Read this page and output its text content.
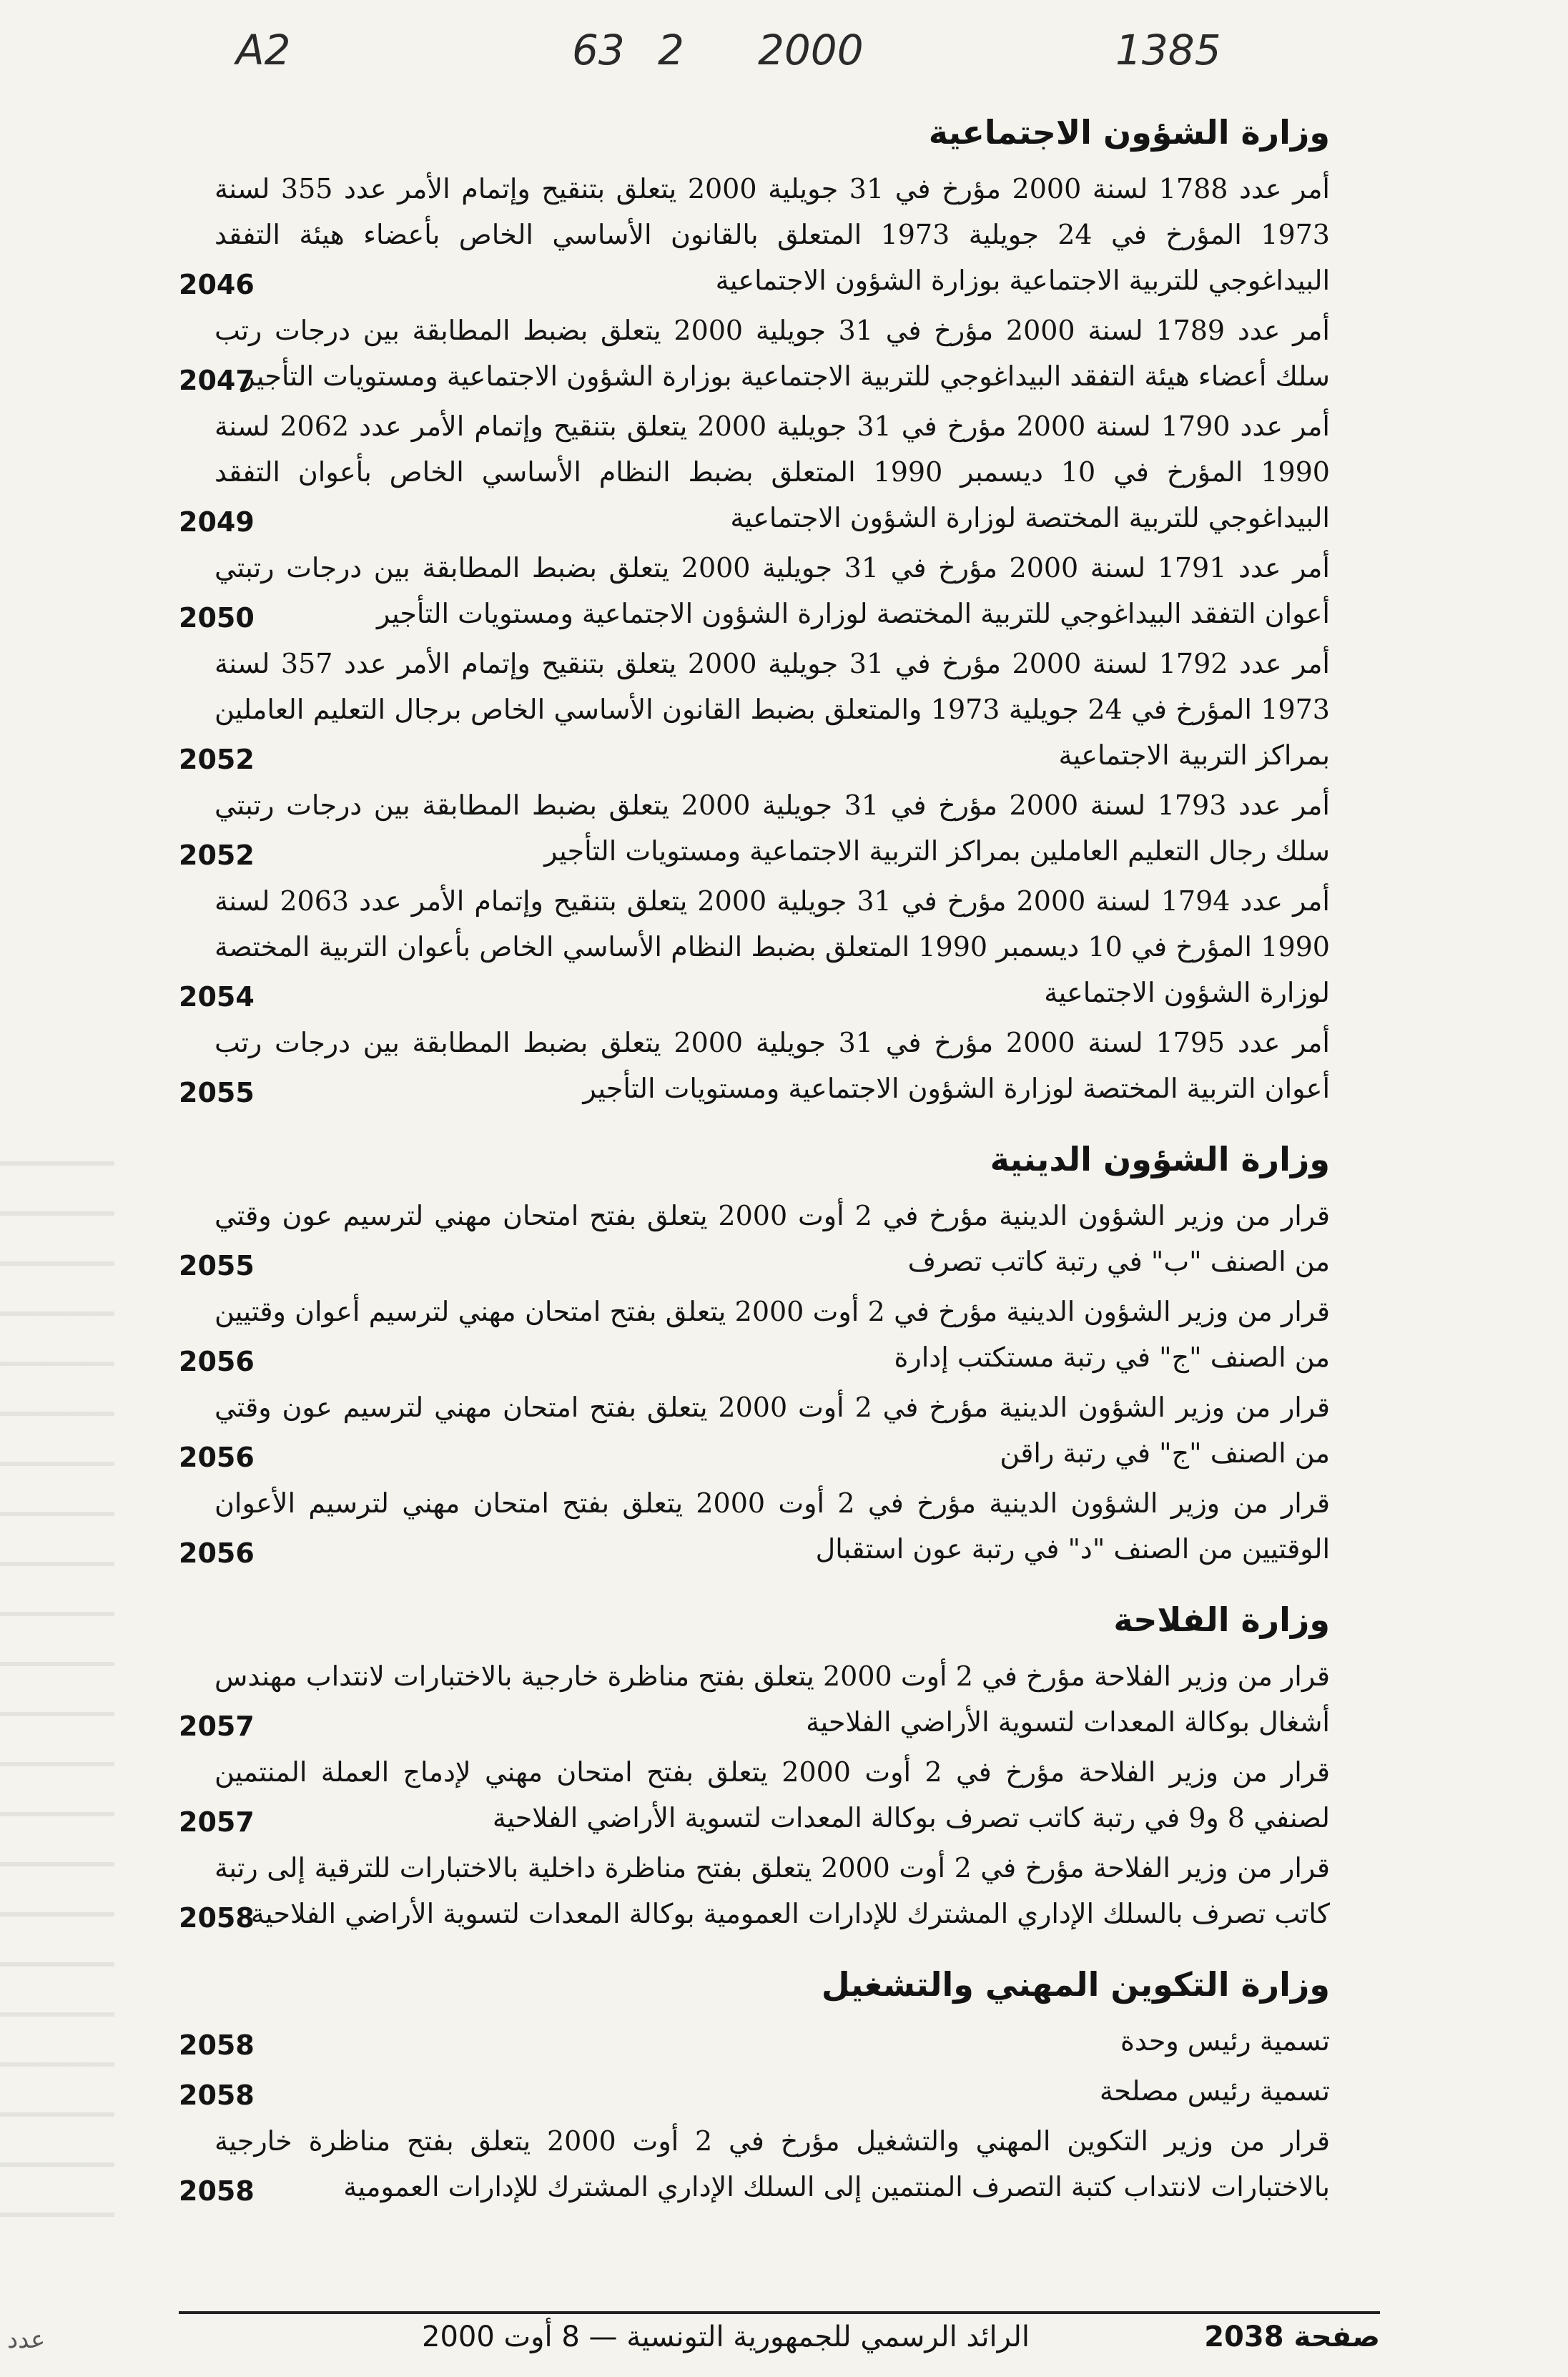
A2	63 2 2000	1385
وزارة الشؤون الاجتماعية
أمر عدد 1788 لسنة 2000 مؤرخ في 31 جويلية 2000 يتعلق بتنقيح وإتمام الأمر عدد 355 لسنة 1973 المؤرخ في 24 جويلية 1973 المتعلق بالقانون الأساسي الخاص بأعضاء هيئة التفقد البيداغوجي للتربية الاجتماعية بوزارة الشؤون الاجتماعية
2046
أمر عدد 1789 لسنة 2000 مؤرخ في 31 جويلية 2000 يتعلق بضبط المطابقة بين درجات رتب سلك أعضاء هيئة التفقد البيداغوجي للتربية الاجتماعية بوزارة الشؤون الاجتماعية ومستويات التأجير
2047
أمر عدد 1790 لسنة 2000 مؤرخ في 31 جويلية 2000 يتعلق بتنقيح وإتمام الأمر عدد 2062 لسنة 1990 المؤرخ في 10 ديسمبر 1990 المتعلق بضبط النظام الأساسي الخاص بأعوان التفقد البيداغوجي للتربية المختصة لوزارة الشؤون الاجتماعية
2049
أمر عدد 1791 لسنة 2000 مؤرخ في 31 جويلية 2000 يتعلق بضبط المطابقة بين درجات رتبتي أعوان التفقد البيداغوجي للتربية المختصة لوزارة الشؤون الاجتماعية ومستويات التأجير
2050
أمر عدد 1792 لسنة 2000 مؤرخ في 31 جويلية 2000 يتعلق بتنقيح وإتمام الأمر عدد 357 لسنة 1973 المؤرخ في 24 جويلية 1973 والمتعلق بضبط القانون الأساسي الخاص برجال التعليم العاملين بمراكز التربية الاجتماعية
2052
أمر عدد 1793 لسنة 2000 مؤرخ في 31 جويلية 2000 يتعلق بضبط المطابقة بين درجات رتبتي سلك رجال التعليم العاملين بمراكز التربية الاجتماعية ومستويات التأجير
2052
أمر عدد 1794 لسنة 2000 مؤرخ في 31 جويلية 2000 يتعلق بتنقيح وإتمام الأمر عدد 2063 لسنة 1990 المؤرخ في 10 ديسمبر 1990 المتعلق بضبط النظام الأساسي الخاص بأعوان التربية المختصة لوزارة الشؤون الاجتماعية
2054
أمر عدد 1795 لسنة 2000 مؤرخ في 31 جويلية 2000 يتعلق بضبط المطابقة بين درجات رتب أعوان التربية المختصة لوزارة الشؤون الاجتماعية ومستويات التأجير
2055
وزارة الشؤون الدينية
قرار من وزير الشؤون الدينية مؤرخ في 2 أوت 2000 يتعلق بفتح امتحان مهني لترسيم عون وقتي من الصنف "ب" في رتبة كاتب تصرف
2055
قرار من وزير الشؤون الدينية مؤرخ في 2 أوت 2000 يتعلق بفتح امتحان مهني لترسيم أعوان وقتيين من الصنف "ج" في رتبة مستكتب إدارة
2056
قرار من وزير الشؤون الدينية مؤرخ في 2 أوت 2000 يتعلق بفتح امتحان مهني لترسيم عون وقتي من الصنف "ج" في رتبة راقن
2056
قرار من وزير الشؤون الدينية مؤرخ في 2 أوت 2000 يتعلق بفتح امتحان مهني لترسيم الأعوان الوقتيين من الصنف "د" في رتبة عون استقبال
2056
وزارة الفلاحة
قرار من وزير الفلاحة مؤرخ في 2 أوت 2000 يتعلق بفتح مناظرة خارجية بالاختبارات لانتداب مهندس أشغال بوكالة المعدات لتسوية الأراضي الفلاحية
2057
قرار من وزير الفلاحة مؤرخ في 2 أوت 2000 يتعلق بفتح امتحان مهني لإدماج العملة المنتمين لصنفي 8 و9 في رتبة كاتب تصرف بوكالة المعدات لتسوية الأراضي الفلاحية
2057
قرار من وزير الفلاحة مؤرخ في 2 أوت 2000 يتعلق بفتح مناظرة داخلية بالاختبارات للترقية إلى رتبة كاتب تصرف بالسلك الإداري المشترك للإدارات العمومية بوكالة المعدات لتسوية الأراضي الفلاحية
2058
وزارة التكوين المهني والتشغيل
تسمية رئيس وحدة
2058
تسمية رئيس مصلحة
2058
قرار من وزير التكوين المهني والتشغيل مؤرخ في 2 أوت 2000 يتعلق بفتح مناظرة خارجية بالاختبارات لانتداب كتبة التصرف المنتمين إلى السلك الإداري المشترك للإدارات العمومية
2058
صفحة 2038
الرائد الرسمي للجمهورية التونسية — 8 أوت 2000
عدد
